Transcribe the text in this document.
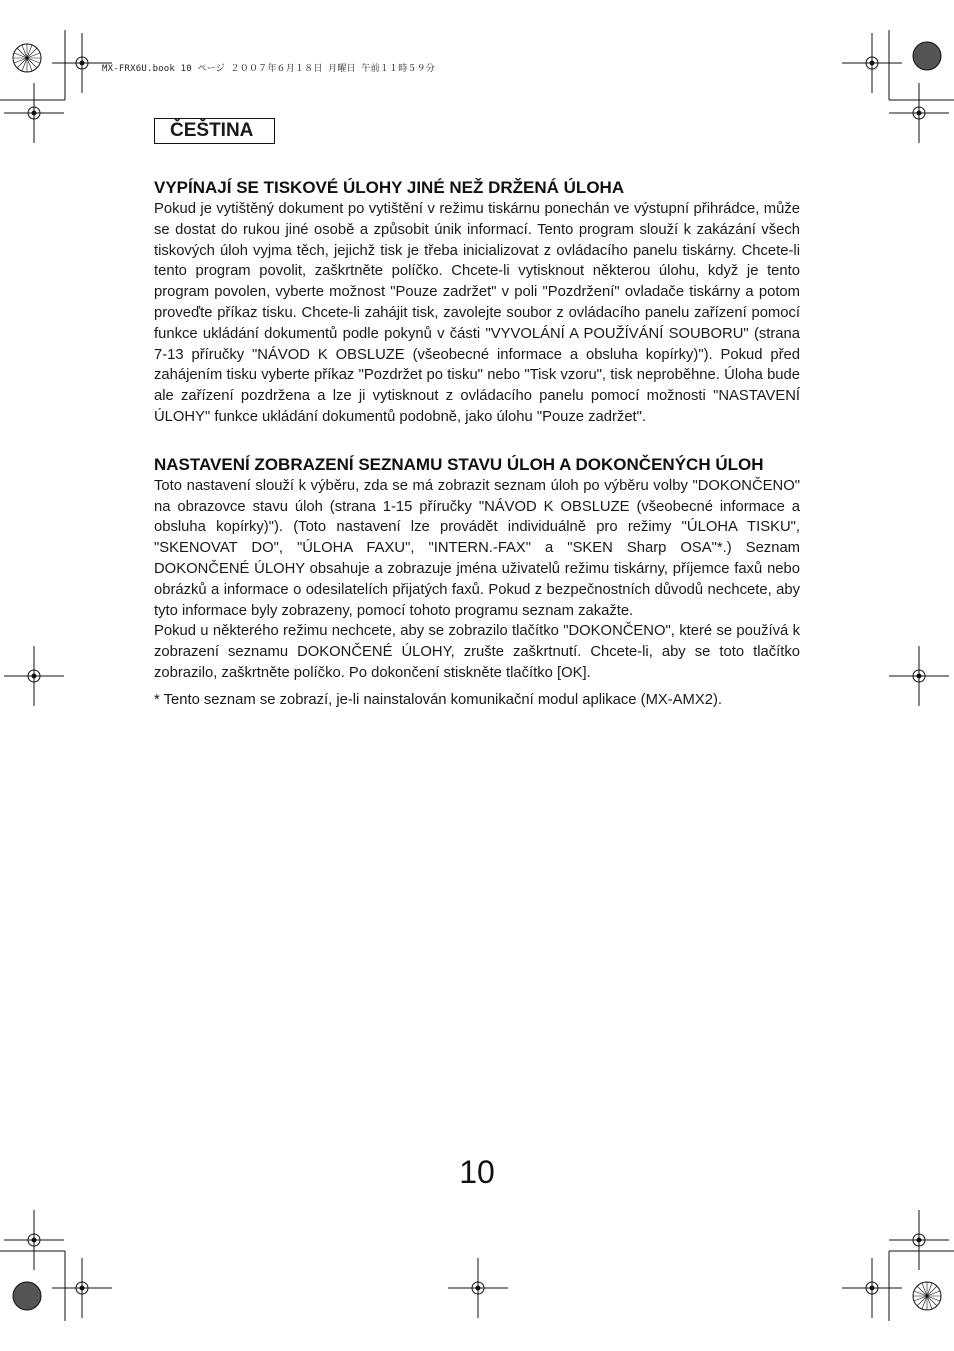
MX-FRX6U.book 10 ページ ２００７年６月１８日 月曜日 午前１１時５９分
ČEŠTINA
VYPÍNAJÍ SE TISKOVÉ ÚLOHY JINÉ NEŽ DRŽENÁ ÚLOHA

Pokud je vytištěný dokument po vytištění v režimu tiskárnu ponechán ve výstupní přihrádce, může se dostat do rukou jiné osobě a způsobit únik informací. Tento program slouží k zakázání všech tiskových úloh vyjma těch, jejichž tisk je třeba inicializovat z ovládacího panelu tiskárny. Chcete-li tento program povolit, zaškrtněte políčko. Chcete-li vytisknout některou úlohu, když je tento program povolen, vyberte možnost "Pouze zadržet" v poli "Pozdržení" ovladače tiskárny a potom proveďte příkaz tisku. Chcete-li zahájit tisk, zavolejte soubor z ovládacího panelu zařízení pomocí funkce ukládání dokumentů podle pokynů v části "VYVOLÁNÍ A POUŽÍVÁNÍ SOUBORU" (strana 7-13 příručky "NÁVOD K OBSLUZE (všeobecné informace a obsluha kopírky)"). Pokud před zahájením tisku vyberte příkaz "Pozdržet po tisku" nebo "Tisk vzoru", tisk neproběhne. Úloha bude ale zařízení pozdržena a lze ji vytisknout z ovládacího panelu pomocí možnosti "NASTAVENÍ ÚLOHY" funkce ukládání dokumentů podobně, jako úlohu "Pouze zadržet".

NASTAVENÍ ZOBRAZENÍ SEZNAMU STAVU ÚLOH A DOKONČENÝCH ÚLOH

Toto nastavení slouží k výběru, zda se má zobrazit seznam úloh po výběru volby "DOKONČENO" na obrazovce stavu úloh (strana 1-15 příručky "NÁVOD K OBSLUZE (všeobecné informace a obsluha kopírky)"). (Toto nastavení lze provádět individuálně pro režimy "ÚLOHA TISKU", "SKENOVAT DO", "ÚLOHA FAXU", "INTERN.-FAX" a "SKEN Sharp OSA"*.) Seznam DOKONČENÉ ÚLOHY obsahuje a zobrazuje jména uživatelů režimu tiskárny, příjemce faxů nebo obrázků a informace o odesilatelích přijatých faxů. Pokud z bezpečnostních důvodů nechcete, aby tyto informace byly zobrazeny, pomocí tohoto programu seznam zakažte.

Pokud u některého režimu nechcete, aby se zobrazilo tlačítko "DOKONČENO", které se používá k zobrazení seznamu DOKONČENÉ ÚLOHY, zrušte zaškrtnutí. Chcete-li, aby se toto tlačítko zobrazilo, zaškrtněte políčko. Po dokončení stiskněte tlačítko [OK].

* Tento seznam se zobrazí, je-li nainstalován komunikační modul aplikace (MX-AMX2).

10
